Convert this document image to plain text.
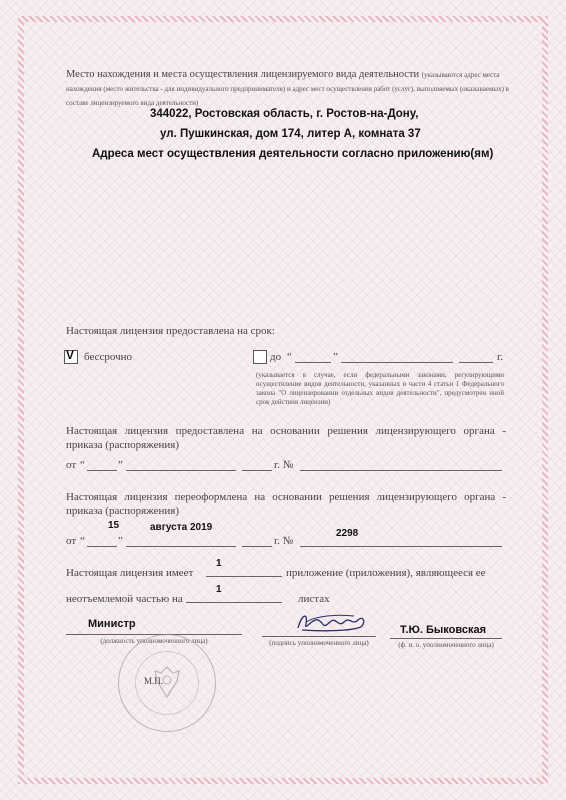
Место нахождения и места осуществления лицензируемого вида деятельности (указываются адрес места нахождения (место жительства - для индивидуального предпринимателя) и адрес мест осуществления работ (услуг), выполняемых (оказываемых) в составе лицензируемого вида деятельности)
344022, Ростовская область, г. Ростов-на-Дону,
ул. Пушкинская, дом 174, литер А, комната 37
Адреса мест осуществления деятельности согласно приложению(ям)
Настоящая лицензия предоставлена на срок:
V бессрочно	до “	”	г.
(указывается в случае, если федеральными законами, регулирующими осуществление видов деятельности, указанных в части 4 статьи 1 Федерального закона "О лицензировании отдельных видов деятельности", предусмотрен иной срок действия лицензии)
Настоящая лицензия предоставлена на основании решения лицензирующего органа - приказа (распоряжения)
от “	”	г. №
Настоящая лицензия переоформлена на основании решения лицензирующего органа - приказа (распоряжения)
15	августа 2019
2298
от “	”	г. №
Настоящая лицензия имеет
1
приложение (приложения), являющееся ее
неотъемлемой частью на
1
листах
Министр
(должность уполномоченного лица)	(подпись уполномоченного лица)
Т.Ю. Быковская
(ф. и. о. уполномоченного лица)
М.П.
